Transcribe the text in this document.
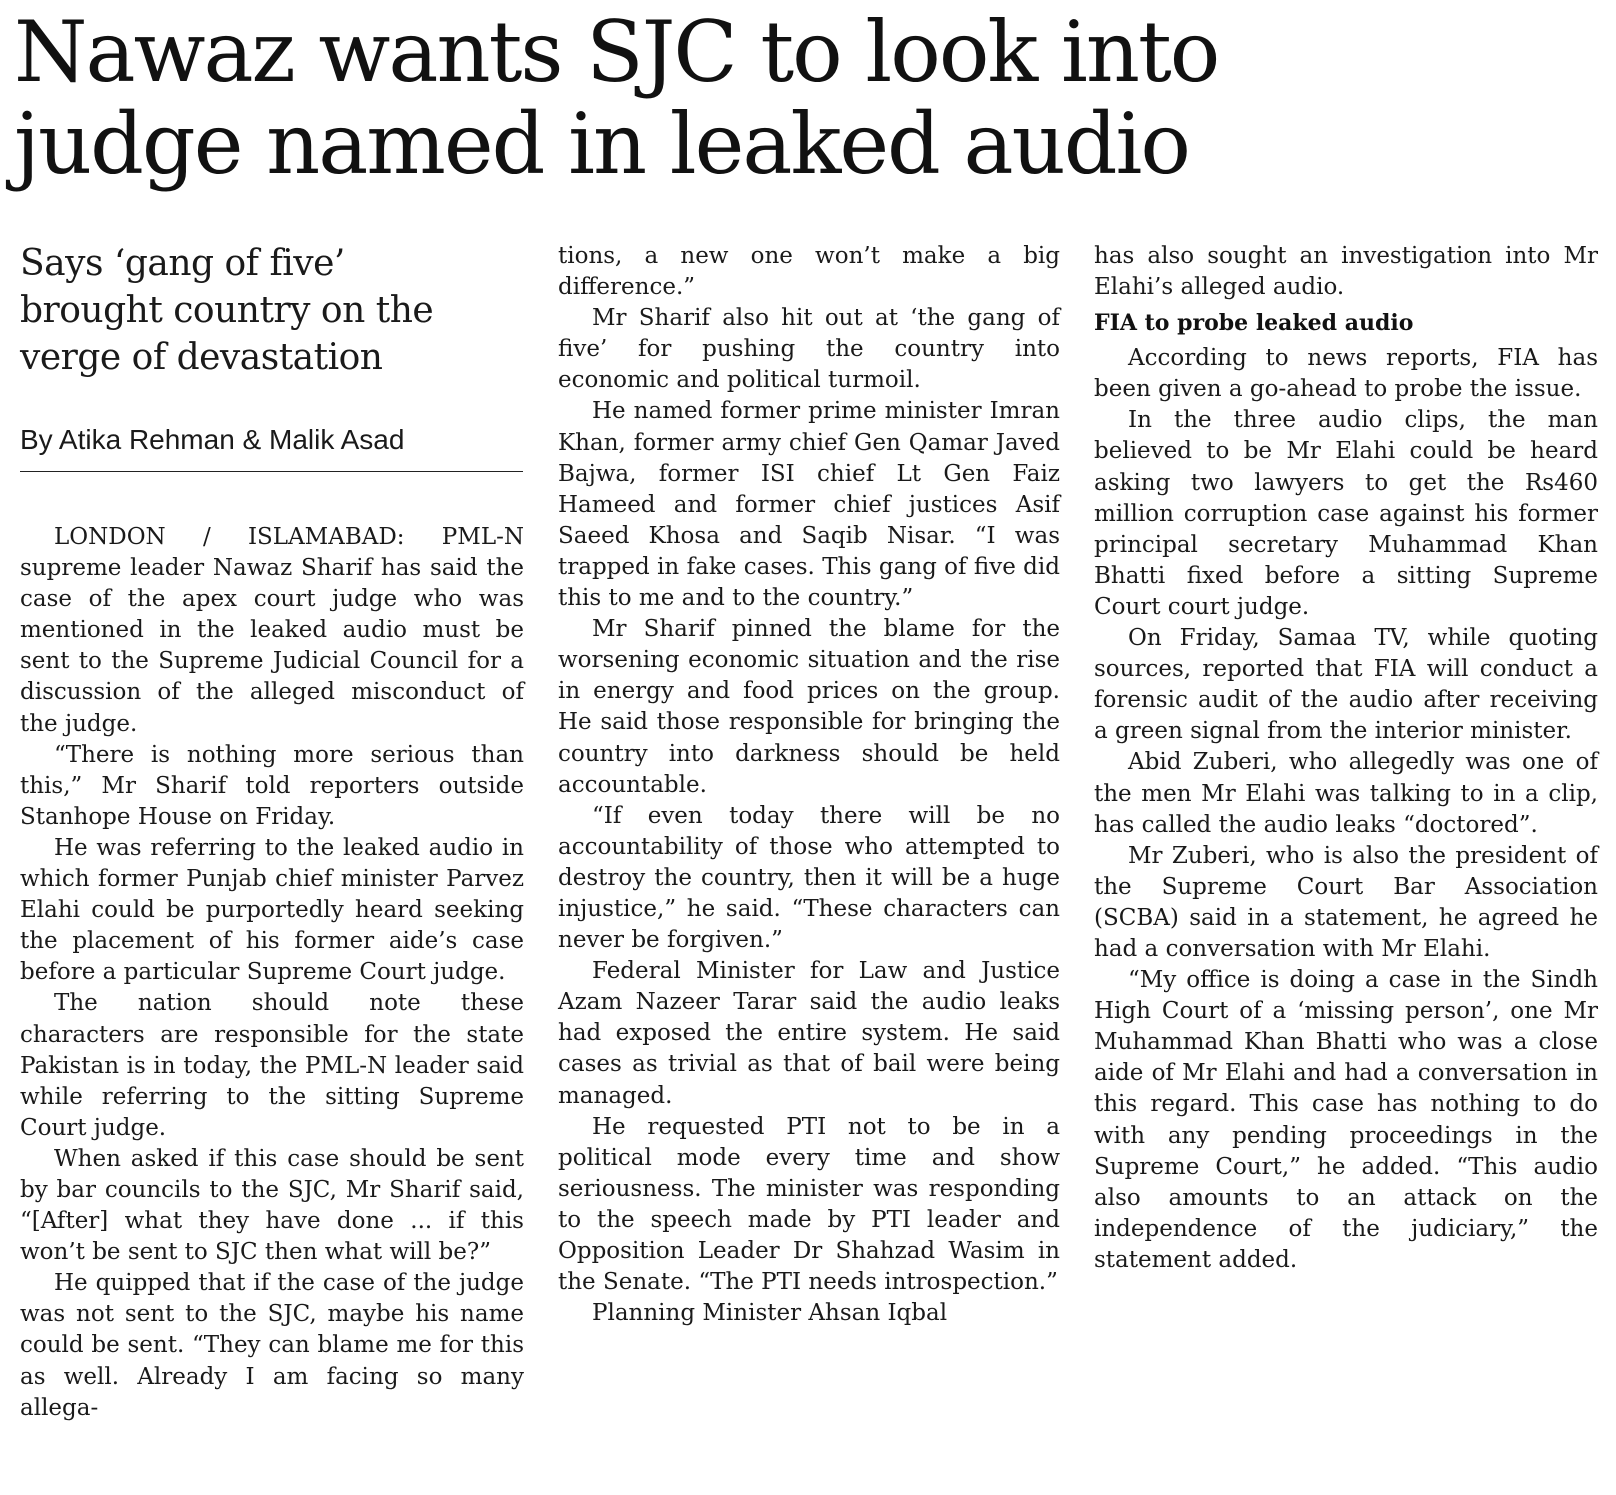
Nawaz wants SJC to look into
judge named in leaked audio
Says ‘gang of five’
brought country on the
verge of devastation
By Atika Rehman & Malik Asad

LONDON / ISLAMABAD: PML-N supreme leader Nawaz Sharif has said the case of the apex court judge who was mentioned in the leaked audio must be sent to the Supreme Judicial Council for a discussion of the alleged misconduct of the judge.

“There is nothing more serious than this,” Mr Sharif told reporters outside Stanhope House on Friday.

He was referring to the leaked audio in which former Punjab chief minister Parvez Elahi could be purportedly heard seeking the placement of his former aide’s case before a particular Supreme Court judge.

The nation should note these characters are responsible for the state Pakistan is in today, the PML-N leader said while referring to the sitting Supreme Court judge.

When asked if this case should be sent by bar councils to the SJC, Mr Sharif said, “[After] what they have done ... if this won’t be sent to SJC then what will be?”

He quipped that if the case of the judge was not sent to the SJC, maybe his name could be sent. “They can blame me for this as well. Already I am facing so many allega-

tions, a new one won’t make a big difference.”

Mr Sharif also hit out at ‘the gang of five’ for pushing the country into economic and political turmoil.

He named former prime minister Imran Khan, former army chief Gen Qamar Javed Bajwa, former ISI chief Lt Gen Faiz Hameed and former chief justices Asif Saeed Khosa and Saqib Nisar. “I was trapped in fake cases. This gang of five did this to me and to the country.”

Mr Sharif pinned the blame for the worsening economic situation and the rise in energy and food prices on the group. He said those responsible for bringing the country into darkness should be held accountable.

“If even today there will be no accountability of those who attempted to destroy the country, then it will be a huge injustice,” he said. “These characters can never be forgiven.”

Federal Minister for Law and Justice Azam Nazeer Tarar said the audio leaks had exposed the entire system. He said cases as trivial as that of bail were being managed.

He requested PTI not to be in a political mode every time and show seriousness. The minister was responding to the speech made by PTI leader and Opposition Leader Dr Shahzad Wasim in the Senate. “The PTI needs introspection.”

Planning Minister Ahsan Iqbal

has also sought an investigation into Mr Elahi’s alleged audio.

FIA to probe leaked audio

According to news reports, FIA has been given a go-ahead to probe the issue.

In the three audio clips, the man believed to be Mr Elahi could be heard asking two lawyers to get the Rs460 million corruption case against his former principal secretary Muhammad Khan Bhatti fixed before a sitting Supreme Court court judge.

On Friday, Samaa TV, while quoting sources, reported that FIA will conduct a forensic audit of the audio after receiving a green signal from the interior minister.

Abid Zuberi, who allegedly was one of the men Mr Elahi was talking to in a clip, has called the audio leaks “doctored”.

Mr Zuberi, who is also the president of the Supreme Court Bar Association (SCBA) said in a statement, he agreed he had a conversation with Mr Elahi.

“My office is doing a case in the Sindh High Court of a ‘missing person’, one Mr Muhammad Khan Bhatti who was a close aide of Mr Elahi and had a conversation in this regard. This case has nothing to do with any pending proceedings in the Supreme Court,” he added. “This audio also amounts to an attack on the independence of the judiciary,” the statement added.
